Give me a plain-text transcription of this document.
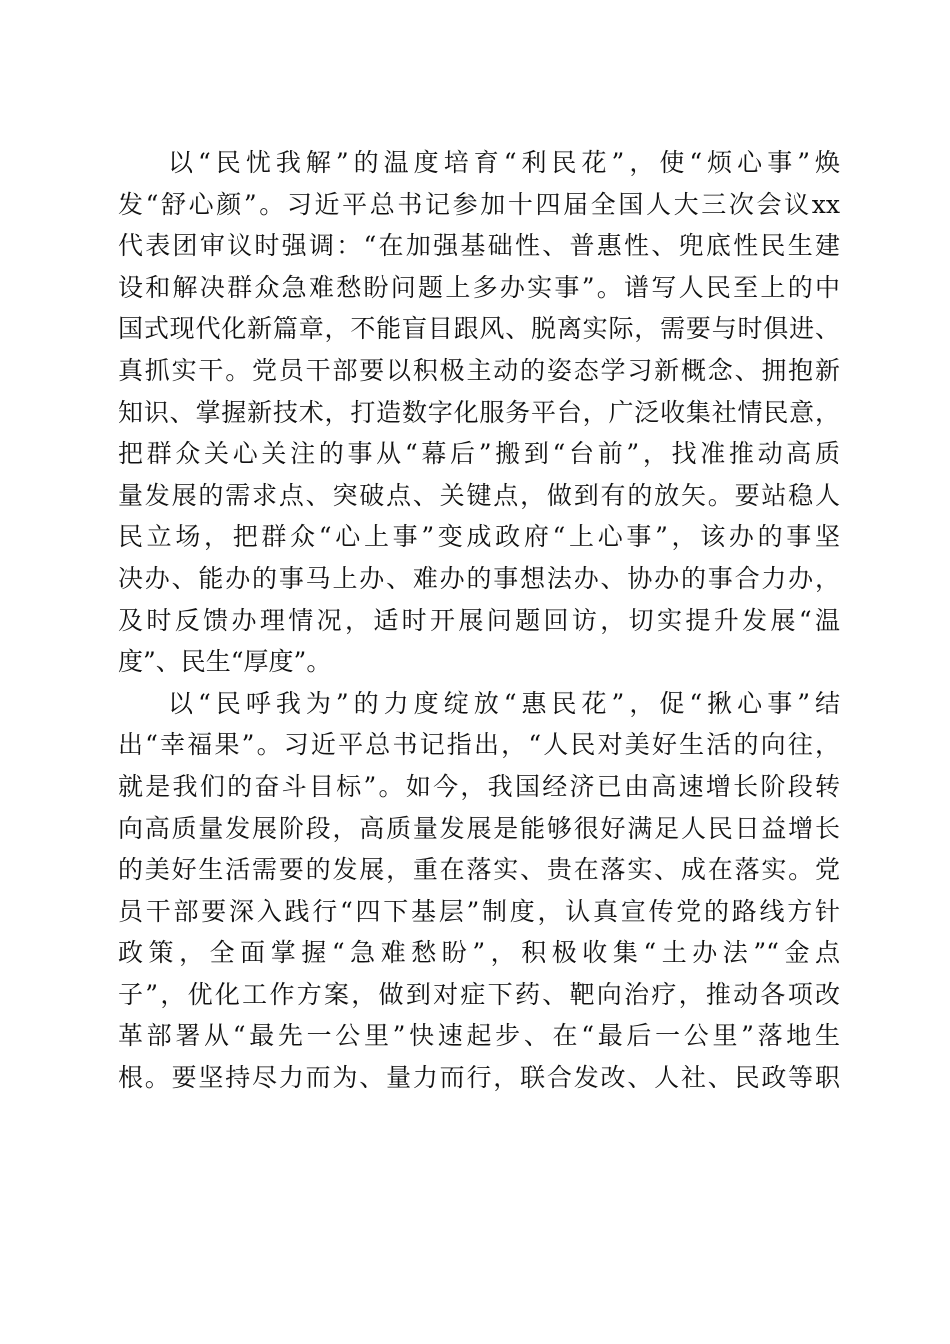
以“民忧我解”的温度培育“利民花”，使“烦心事”焕
发“舒心颜”。习近平总书记参加十四届全国人大三次会议xx
代表团审议时强调：“在加强基础性、普惠性、兜底性民生建
设和解决群众急难愁盼问题上多办实事”。谱写人民至上的中
国式现代化新篇章，不能盲目跟风、脱离实际，需要与时俱进、
真抓实干。党员干部要以积极主动的姿态学习新概念、拥抱新
知识、掌握新技术，打造数字化服务平台，广泛收集社情民意，
把群众关心关注的事从“幕后”搬到“台前”，找准推动高质
量发展的需求点、突破点、关键点，做到有的放矢。要站稳人
民立场，把群众“心上事”变成政府“上心事”，该办的事坚
决办、能办的事马上办、难办的事想法办、协办的事合力办，
及时反馈办理情况，适时开展问题回访，切实提升发展“温
度”、民生“厚度”。
以“民呼我为”的力度绽放“惠民花”，促“揪心事”结
出“幸福果”。习近平总书记指出，“人民对美好生活的向往，
就是我们的奋斗目标”。如今，我国经济已由高速增长阶段转
向高质量发展阶段，高质量发展是能够很好满足人民日益增长
的美好生活需要的发展，重在落实、贵在落实、成在落实。党
员干部要深入践行“四下基层”制度，认真宣传党的路线方针
政策，全面掌握“急难愁盼”，积极收集“土办法”“金点
子”，优化工作方案，做到对症下药、靶向治疗，推动各项改
革部署从“最先一公里”快速起步、在“最后一公里”落地生
根。要坚持尽力而为、量力而行，联合发改、人社、民政等职
